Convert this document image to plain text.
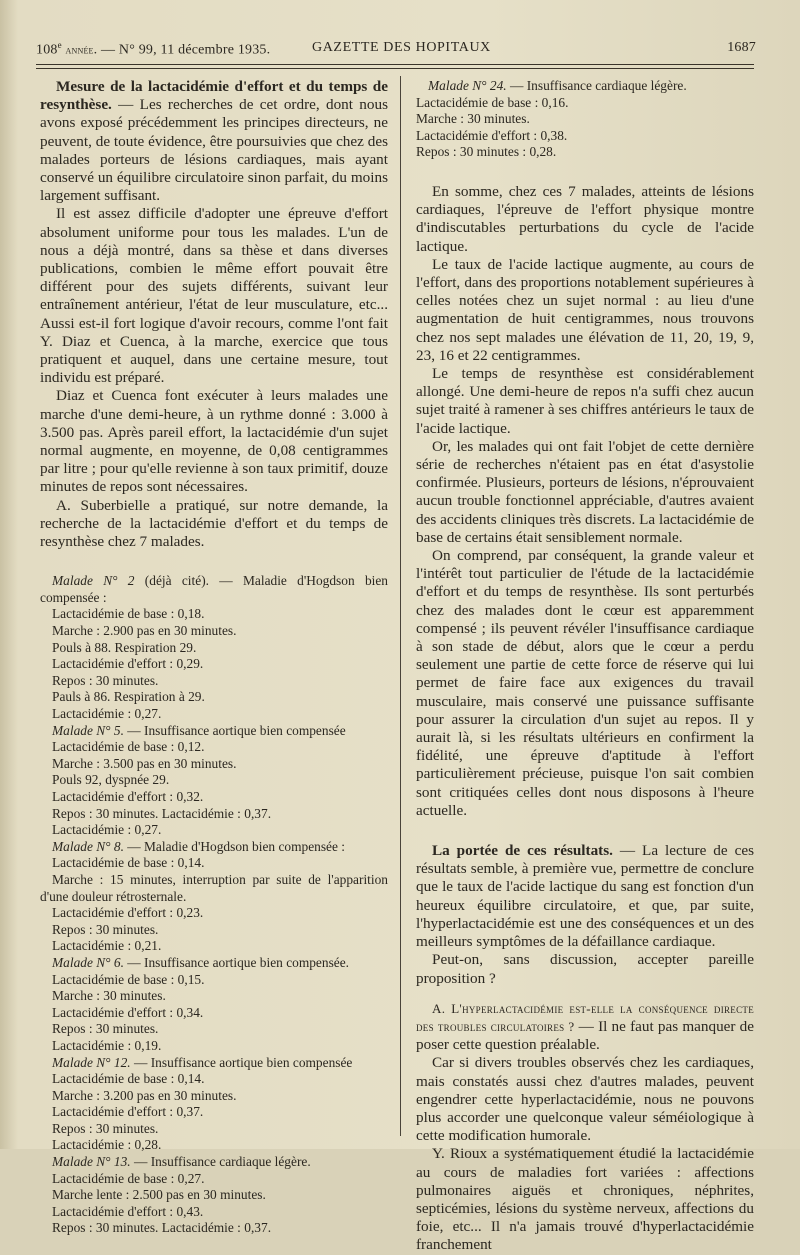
108e année. — N° 99, 11 décembre 1935.	GAZETTE DES HOPITAUX	1687

Mesure de la lactacidémie d'effort et du temps de resynthèse. — Les recherches de cet ordre, dont nous avons exposé précédemment les principes directeurs, ne peuvent, de toute évidence, être poursuivies que chez des malades porteurs de lésions cardiaques, mais ayant conservé un équilibre circulatoire sinon parfait, du moins largement suffisant.

Il est assez difficile d'adopter une épreuve d'effort absolument uniforme pour tous les malades. L'un de nous a déjà montré, dans sa thèse et dans diverses publications, combien le même effort pouvait être différent pour des sujets différents, suivant leur entraînement antérieur, l'état de leur musculature, etc... Aussi est-il fort logique d'avoir recours, comme l'ont fait Y. Diaz et Cuenca, à la marche, exercice que tous pratiquent et auquel, dans une certaine mesure, tout individu est préparé.

Diaz et Cuenca font exécuter à leurs malades une marche d'une demi-heure, à un rythme donné : 3.000 à 3.500 pas. Après pareil effort, la lactacidémie d'un sujet normal augmente, en moyenne, de 0,08 centigrammes par litre ; pour qu'elle revienne à son taux primitif, douze minutes de repos sont nécessaires.

A. Suberbielle a pratiqué, sur notre demande, la recherche de la lactacidémie d'effort et du temps de resynthèse chez 7 malades.

Malade N° 2 (déjà cité). — Maladie d'Hogdson bien compensée :
Lactacidémie de base : 0,18.
Marche : 2.900 pas en 30 minutes.
Pouls à 88. Respiration 29.
Lactacidémie d'effort : 0,29.
Repos : 30 minutes.
Pauls à 86. Respiration à 29.
Lactacidémie : 0,27.
Malade N° 5. — Insuffisance aortique bien compensée
Lactacidémie de base : 0,12.
Marche : 3.500 pas en 30 minutes.
Pouls 92, dyspnée 29.
Lactacidémie d'effort : 0,32.
Repos : 30 minutes. Lactacidémie : 0,37.
Lactacidémie : 0,27.
Malade N° 8. — Maladie d'Hogdson bien compensée :
Lactacidémie de base : 0,14.
Marche : 15 minutes, interruption par suite de l'apparition d'une douleur rétrosternale.
Lactacidémie d'effort : 0,23.
Repos : 30 minutes.
Lactacidémie : 0,21.
Malade N° 6. — Insuffisance aortique bien compensée.
Lactacidémie de base : 0,15.
Marche : 30 minutes.
Lactacidémie d'effort : 0,34.
Repos : 30 minutes.
Lactacidémie : 0,19.
Malade N° 12. — Insuffisance aortique bien compensée
Lactacidémie de base : 0,14.
Marche : 3.200 pas en 30 minutes.
Lactacidémie d'effort : 0,37.
Repos : 30 minutes.
Lactacidémie : 0,28.
Malade N° 13. — Insuffisance cardiaque légère.
Lactacidémie de base : 0,27.
Marche lente : 2.500 pas en 30 minutes.
Lactacidémie d'effort : 0,43.
Repos : 30 minutes. Lactacidémie : 0,37.
Malade N° 24. — Insuffisance cardiaque légère.
Lactacidémie de base : 0,16.
Marche : 30 minutes.
Lactacidémie d'effort : 0,38.
Repos : 30 minutes : 0,28.

En somme, chez ces 7 malades, atteints de lésions cardiaques, l'épreuve de l'effort physique montre d'indiscutables perturbations du cycle de l'acide lactique.

Le taux de l'acide lactique augmente, au cours de l'effort, dans des proportions notablement supérieures à celles notées chez un sujet normal : au lieu d'une augmentation de huit centigrammes, nous trouvons chez nos sept malades une élévation de 11, 20, 19, 9, 23, 16 et 22 centigrammes.

Le temps de resynthèse est considérablement allongé. Une demi-heure de repos n'a suffi chez aucun sujet traité à ramener à ses chiffres antérieurs le taux de l'acide lactique.

Or, les malades qui ont fait l'objet de cette dernière série de recherches n'étaient pas en état d'asystolie confirmée. Plusieurs, porteurs de lésions, n'éprouvaient aucun trouble fonctionnel appréciable, d'autres avaient des accidents cliniques très discrets. La lactacidémie de base de certains était sensiblement normale.

On comprend, par conséquent, la grande valeur et l'intérêt tout particulier de l'étude de la lactacidémie d'effort et du temps de resynthèse. Ils sont perturbés chez des malades dont le cœur est apparemment compensé ; ils peuvent révéler l'insuffisance cardiaque à son stade de début, alors que le cœur a perdu seulement une partie de cette force de réserve qui lui permet de faire face aux exigences du travail musculaire, mais conservé une puissance suffisante pour assurer la circulation d'un sujet au repos. Il y aurait là, si les résultats ultérieurs en confirment la fidélité, une épreuve d'aptitude à l'effort particulièrement précieuse, puisque l'on sait combien sont critiquées celles dont nous disposons à l'heure actuelle.

La portée de ces résultats. — La lecture de ces résultats semble, à première vue, permettre de conclure que le taux de l'acide lactique du sang est fonction d'un heureux équilibre circulatoire, et que, par suite, l'hyperlactacidémie est une des conséquences et un des meilleurs symptômes de la défaillance cardiaque.

Peut-on, sans discussion, accepter pareille proposition ?

A. L'hyperlactacidémie est-elle la conséquence directe des troubles circulatoires ? — Il ne faut pas manquer de poser cette question préalable.

Car si divers troubles observés chez les cardiaques, mais constatés aussi chez d'autres malades, peuvent engendrer cette hyperlactacidémie, nous ne pouvons plus accorder une quelconque valeur séméiologique à cette modification humorale.

Y. Rioux a systématiquement étudié la lactacidémie au cours de maladies fort variées : affections pulmonaires aiguës et chroniques, néphrites, septicémies, lésions du système nerveux, affections du foie, etc... Il n'a jamais trouvé d'hyperlactacidémie franchement
